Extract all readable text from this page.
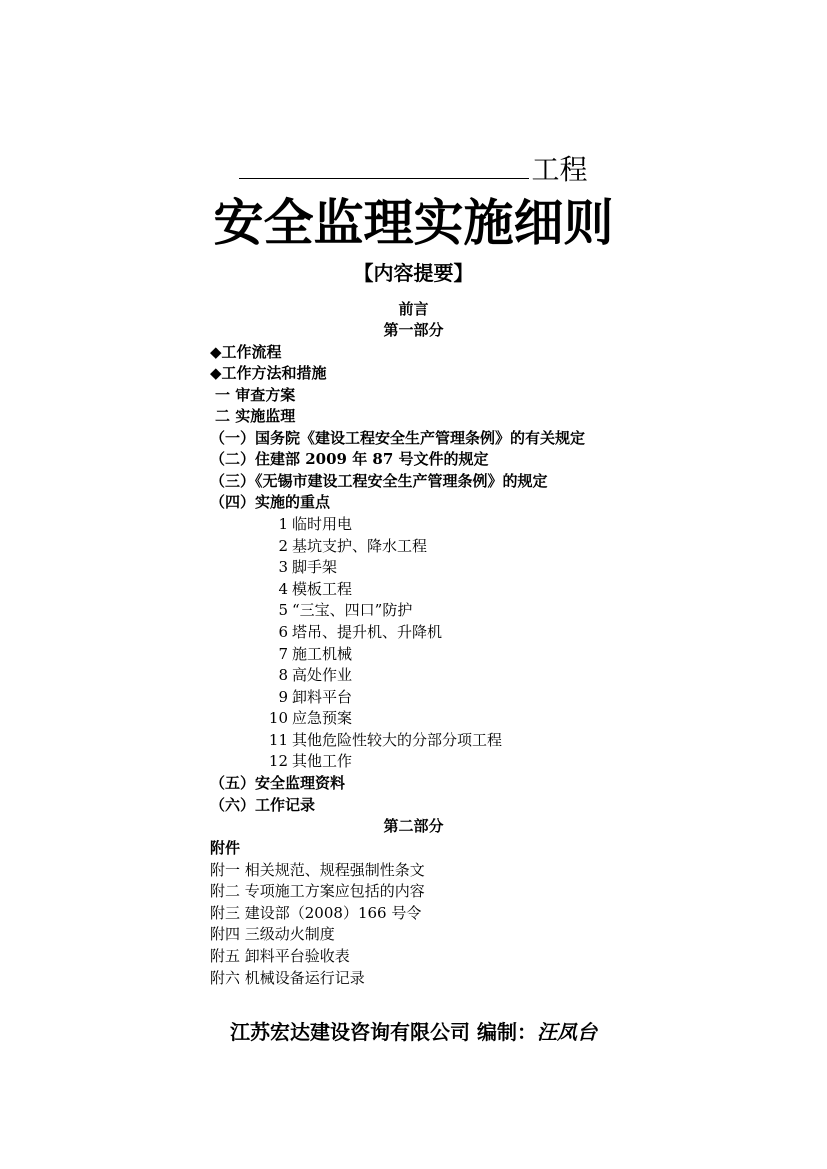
工程
安全监理实施细则
【内容提要】
前言
第一部分
◆工作流程
◆工作方法和措施
一 审查方案
二 实施监理
（一）国务院《建设工程安全生产管理条例》的有关规定
（二）住建部 2009 年 87 号文件的规定
（三）《无锡市建设工程安全生产管理条例》的规定
（四）实施的重点
1 临时用电
2 基坑支护、降水工程
3 脚手架
4 模板工程
5 “三宝、四口”防护
6 塔吊、提升机、升降机
7 施工机械
8 高处作业
9 卸料平台
10 应急预案
11 其他危险性较大的分部分项工程
12 其他工作
（五）安全监理资料
（六）工作记录
第二部分
附件
附一 相关规范、规程强制性条文
附二 专项施工方案应包括的内容
附三 建设部（2008）166 号令
附四 三级动火制度
附五 卸料平台验收表
附六 机械设备运行记录
江苏宏达建设咨询有限公司 编制：汪凤台
